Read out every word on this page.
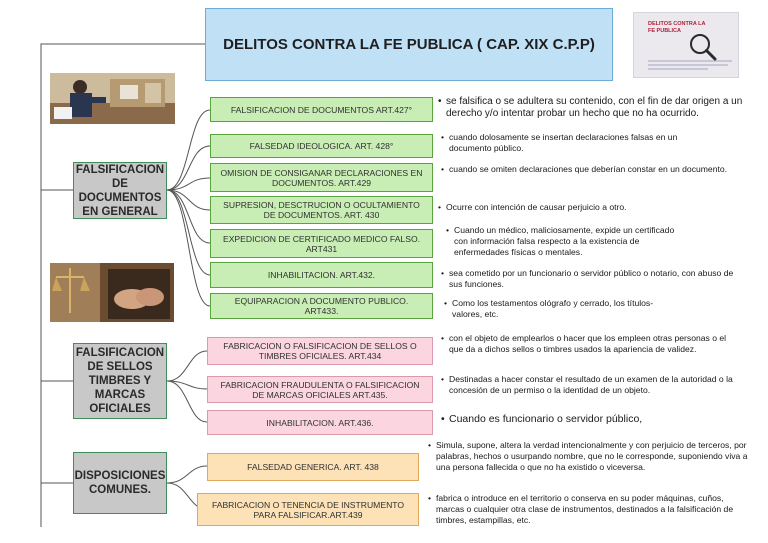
DELITOS CONTRA LA FE PUBLICA ( CAP. XIX C.P.P)
DELITOS CONTRA LA
FE PUBLICA
FALSIFICACION
DE
DOCUMENTOS
EN GENERAL
FALSIFICACION
DE SELLOS
TIMBRES Y
MARCAS
OFICIALES
DISPOSICIONES
COMUNES.
FALSIFICACION DE DOCUMENTOS ART.427°
FALSEDAD IDEOLOGICA. ART. 428°
OMISION DE CONSIGANAR DECLARACIONES EN DOCUMENTOS. ART.429
SUPRESION, DESCTRUCION O OCULTAMIENTO DE DOCUMENTOS. ART. 430
EXPEDICION DE CERTIFICADO MEDICO FALSO. ART431
INHABILITACION. ART.432.
EQUIPARACION A DOCUMENTO PUBLICO. ART433.
FABRICACION O FALSIFICACION DE SELLOS O TIMBRES OFICIALES. ART.434
FABRICACION FRAUDULENTA O FALSIFICACION DE MARCAS OFICIALES ART.435.
INHABILITACION. ART.436.
FALSEDAD GENERICA. ART. 438
FABRICACION O TENENCIA DE INSTRUMENTO PARA FALSIFICAR.ART.439
• se falsifica o se adultera su contenido, con el fin de dar origen a un derecho y/o intentar probar un hecho que no ha ocurrido.
• cuando dolosamente se insertan declaraciones falsas en un documento público.
• cuando se omiten declaraciones que deberían constar en un documento.
• Ocurre con intención de causar perjuicio a otro.
• Cuando un médico, maliciosamente, expide un certificado con información falsa respecto a la existencia de enfermedades físicas o mentales.
• sea cometido por un funcionario o servidor público o notario, con abuso de sus funciones.
• Como los testamentos ológrafo y cerrado, los títulos-valores, etc.
• con el objeto de emplearlos o hacer que los empleen otras personas o el que da a dichos sellos o timbres usados la apariencia de validez.
• Destinadas a hacer constar el resultado de un examen de la autoridad o la concesión de un permiso o la identidad de un objeto.
• Cuando es funcionario o servidor público,
• Simula, supone, altera la verdad intencionalmente y con perjuicio de terceros, por palabras, hechos o usurpando nombre, que no le corresponde, suponiendo viva a una persona fallecida o que no ha existido o viceversa.
• fabrica o introduce en el territorio o conserva en su poder máquinas, cuños, marcas o cualquier otra clase de instrumentos, destinados a la falsificación de timbres, estampillas, etc.
